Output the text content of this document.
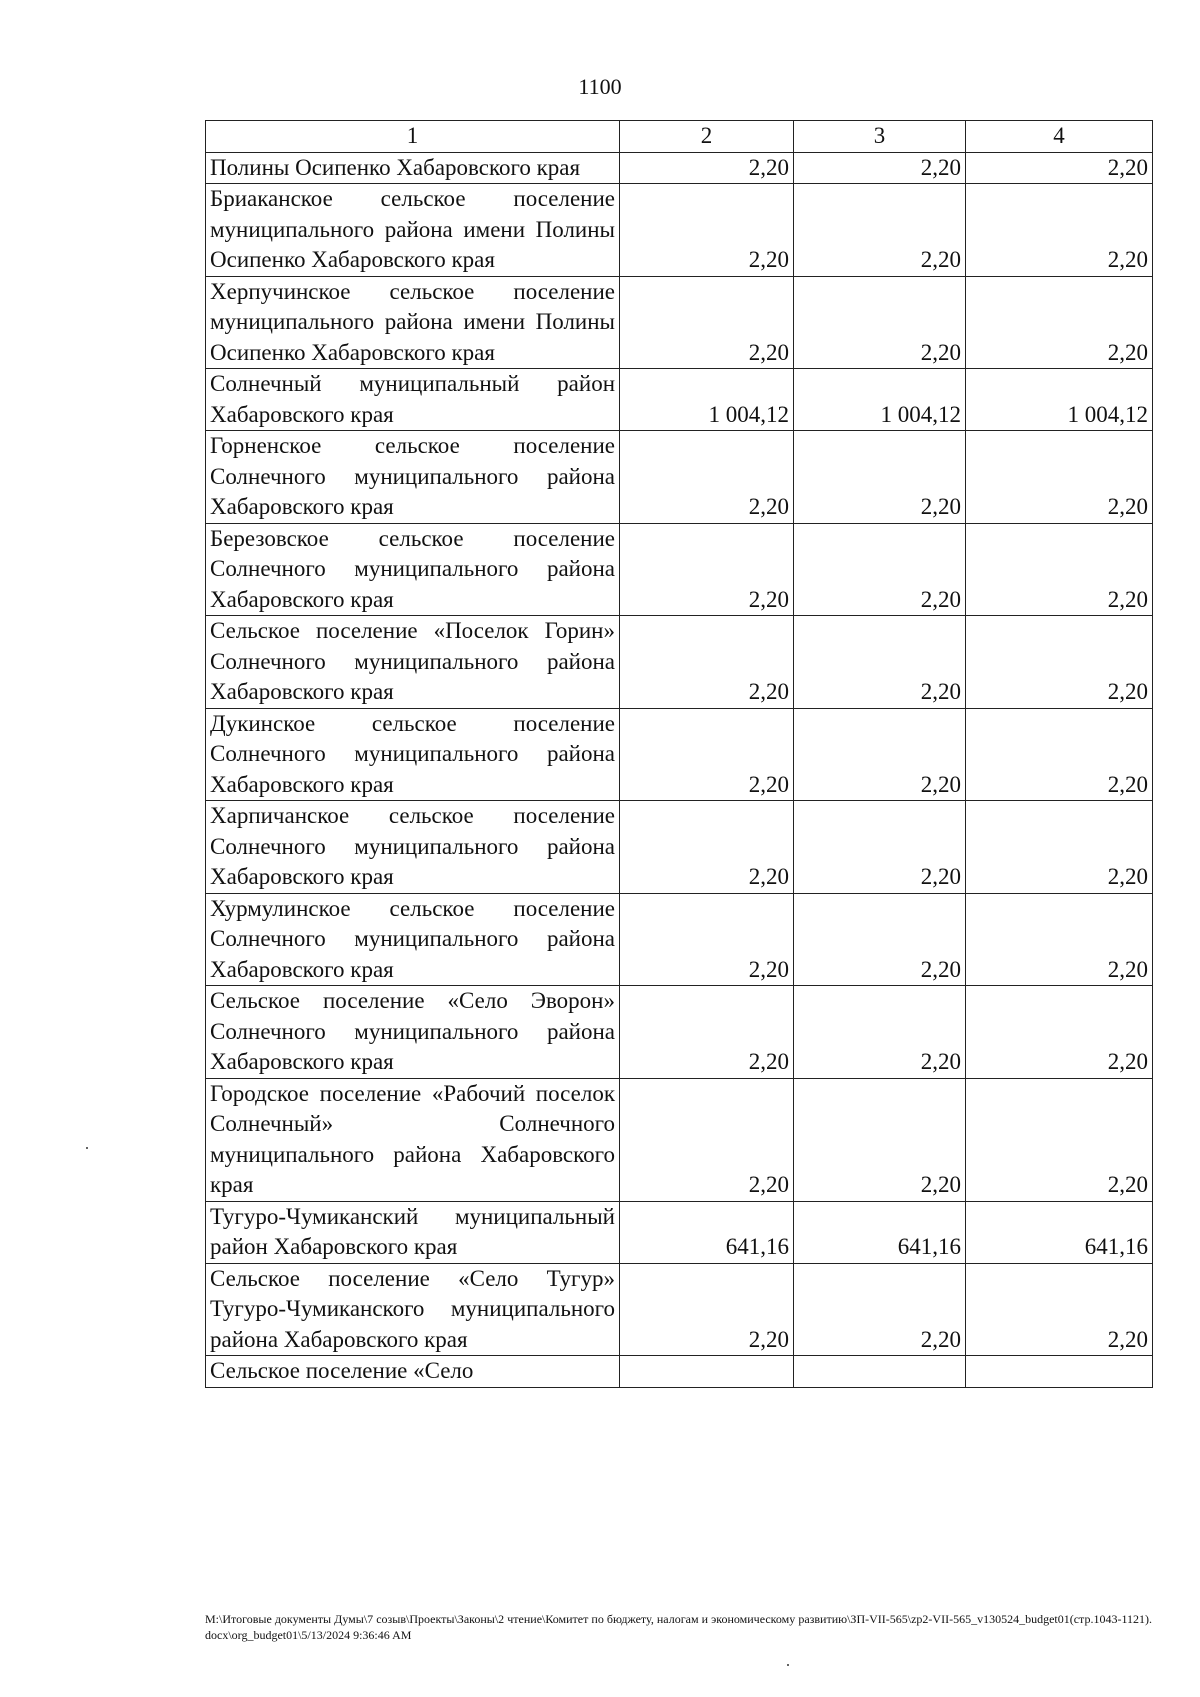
1100
1	2	3	4
Полины Осипенко Хабаровского края	2,20	2,20	2,20
Бриаканское сельское поселение муниципального района имени Полины Осипенко Хабаровского края	2,20	2,20	2,20
Херпучинское сельское поселение муниципального района имени Полины Осипенко Хабаровского края	2,20	2,20	2,20
Солнечный муниципальный район Хабаровского края	1 004,12	1 004,12	1 004,12
Горненское сельское поселение Солнечного муниципального района Хабаровского края	2,20	2,20	2,20
Березовское сельское поселение Солнечного муниципального района Хабаровского края	2,20	2,20	2,20
Сельское поселение «Поселок Горин» Солнечного муниципального района Хабаровского края	2,20	2,20	2,20
Дукинское сельское поселение Солнечного муниципального района Хабаровского края	2,20	2,20	2,20
Харпичанское сельское поселение Солнечного муниципального района Хабаровского края	2,20	2,20	2,20
Хурмулинское сельское поселение Солнечного муниципального района Хабаровского края	2,20	2,20	2,20
Сельское поселение «Село Эворон» Солнечного муниципального района Хабаровского края	2,20	2,20	2,20
Городское поселение «Рабочий поселок Солнечный» Солнечного муниципального района Хабаровского края	2,20	2,20	2,20
Тугуро-Чумиканский муниципальный район Хабаровского края	641,16	641,16	641,16
Сельское поселение «Село Тугур» Тугуро-Чумиканского муниципального района Хабаровского края	2,20	2,20	2,20
Сельское поселение «Село			
M:\Итоговые документы Думы\7 созыв\Проекты\Законы\2 чтение\Комитет по бюджету, налогам и экономическому развитию\ЗП-VII-565\zp2-VII-565_v130524_budget01(стр.1043-1121).docx\org_budget01\5/13/2024 9:36:46 AM
